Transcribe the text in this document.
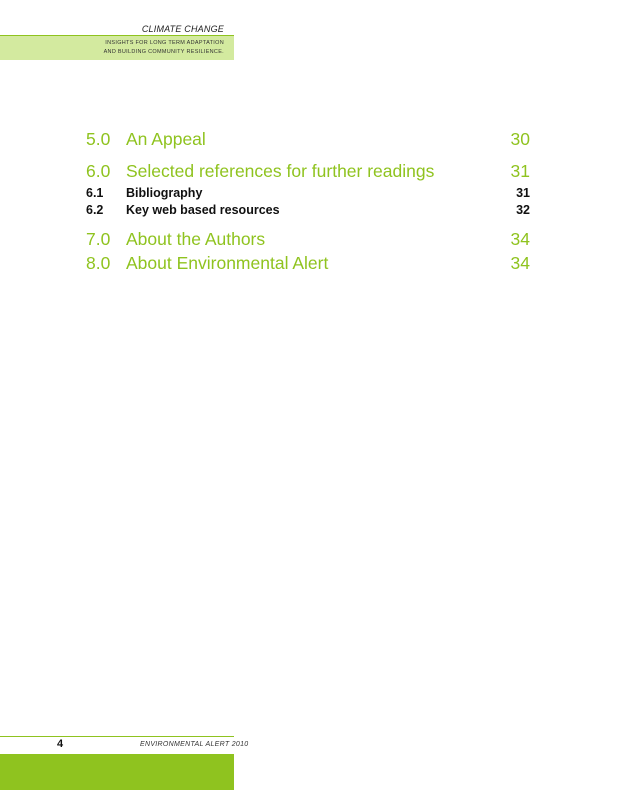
CLIMATE CHANGE
INSIGHTS FOR LONG TERM ADAPTATION
AND BUILDING COMMUNITY RESILIENCE.
5.0 An Appeal	30
6.0 Selected references for further readings	31
6.1	Bibliography	31
6.2	Key web based resources	32
7.0 About the Authors	34
8.0 About Environmental Alert	34
4	ENVIRONMENTAL ALERT 2010
